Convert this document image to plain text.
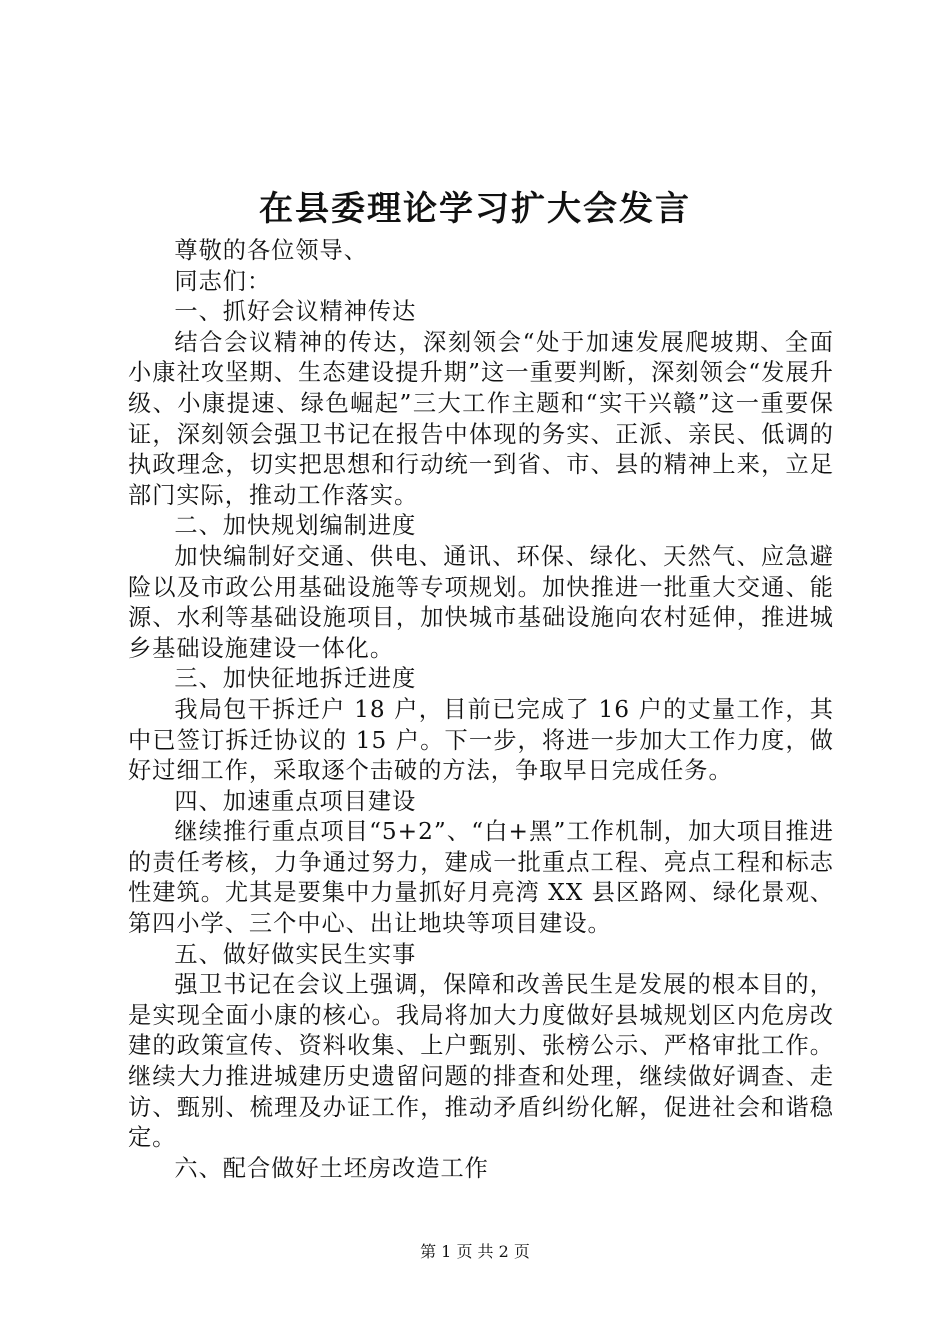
在县委理论学习扩大会发言

尊敬的各位领导、

同志们：

一、抓好会议精神传达

结合会议精神的传达，深刻领会“处于加速发展爬坡期、全面小康社攻坚期、生态建设提升期”这一重要判断，深刻领会“发展升级、小康提速、绿色崛起”三大工作主题和“实干兴赣”这一重要保证，深刻领会强卫书记在报告中体现的务实、正派、亲民、低调的执政理念，切实把思想和行动统一到省、市、县的精神上来，立足部门实际，推动工作落实。

二、加快规划编制进度

加快编制好交通、供电、通讯、环保、绿化、天然气、应急避险以及市政公用基础设施等专项规划。加快推进一批重大交通、能源、水利等基础设施项目，加快城市基础设施向农村延伸，推进城乡基础设施建设一体化。

三、加快征地拆迁进度

我局包干拆迁户 18 户，目前已完成了 16 户的丈量工作，其中已签订拆迁协议的 15 户。下一步，将进一步加大工作力度，做好过细工作，采取逐个击破的方法，争取早日完成任务。

四、加速重点项目建设

继续推行重点项目“5+2”、“白+黑”工作机制，加大项目推进的责任考核，力争通过努力，建成一批重点工程、亮点工程和标志性建筑。尤其是要集中力量抓好月亮湾 XX 县区路网、绿化景观、第四小学、三个中心、出让地块等项目建设。

五、做好做实民生实事

强卫书记在会议上强调，保障和改善民生是发展的根本目的，是实现全面小康的核心。我局将加大力度做好县城规划区内危房改建的政策宣传、资料收集、上户甄别、张榜公示、严格审批工作。继续大力推进城建历史遗留问题的排查和处理，继续做好调查、走访、甄别、梳理及办证工作，推动矛盾纠纷化解，促进社会和谐稳定。

六、配合做好土坯房改造工作

第 1 页 共 2 页
